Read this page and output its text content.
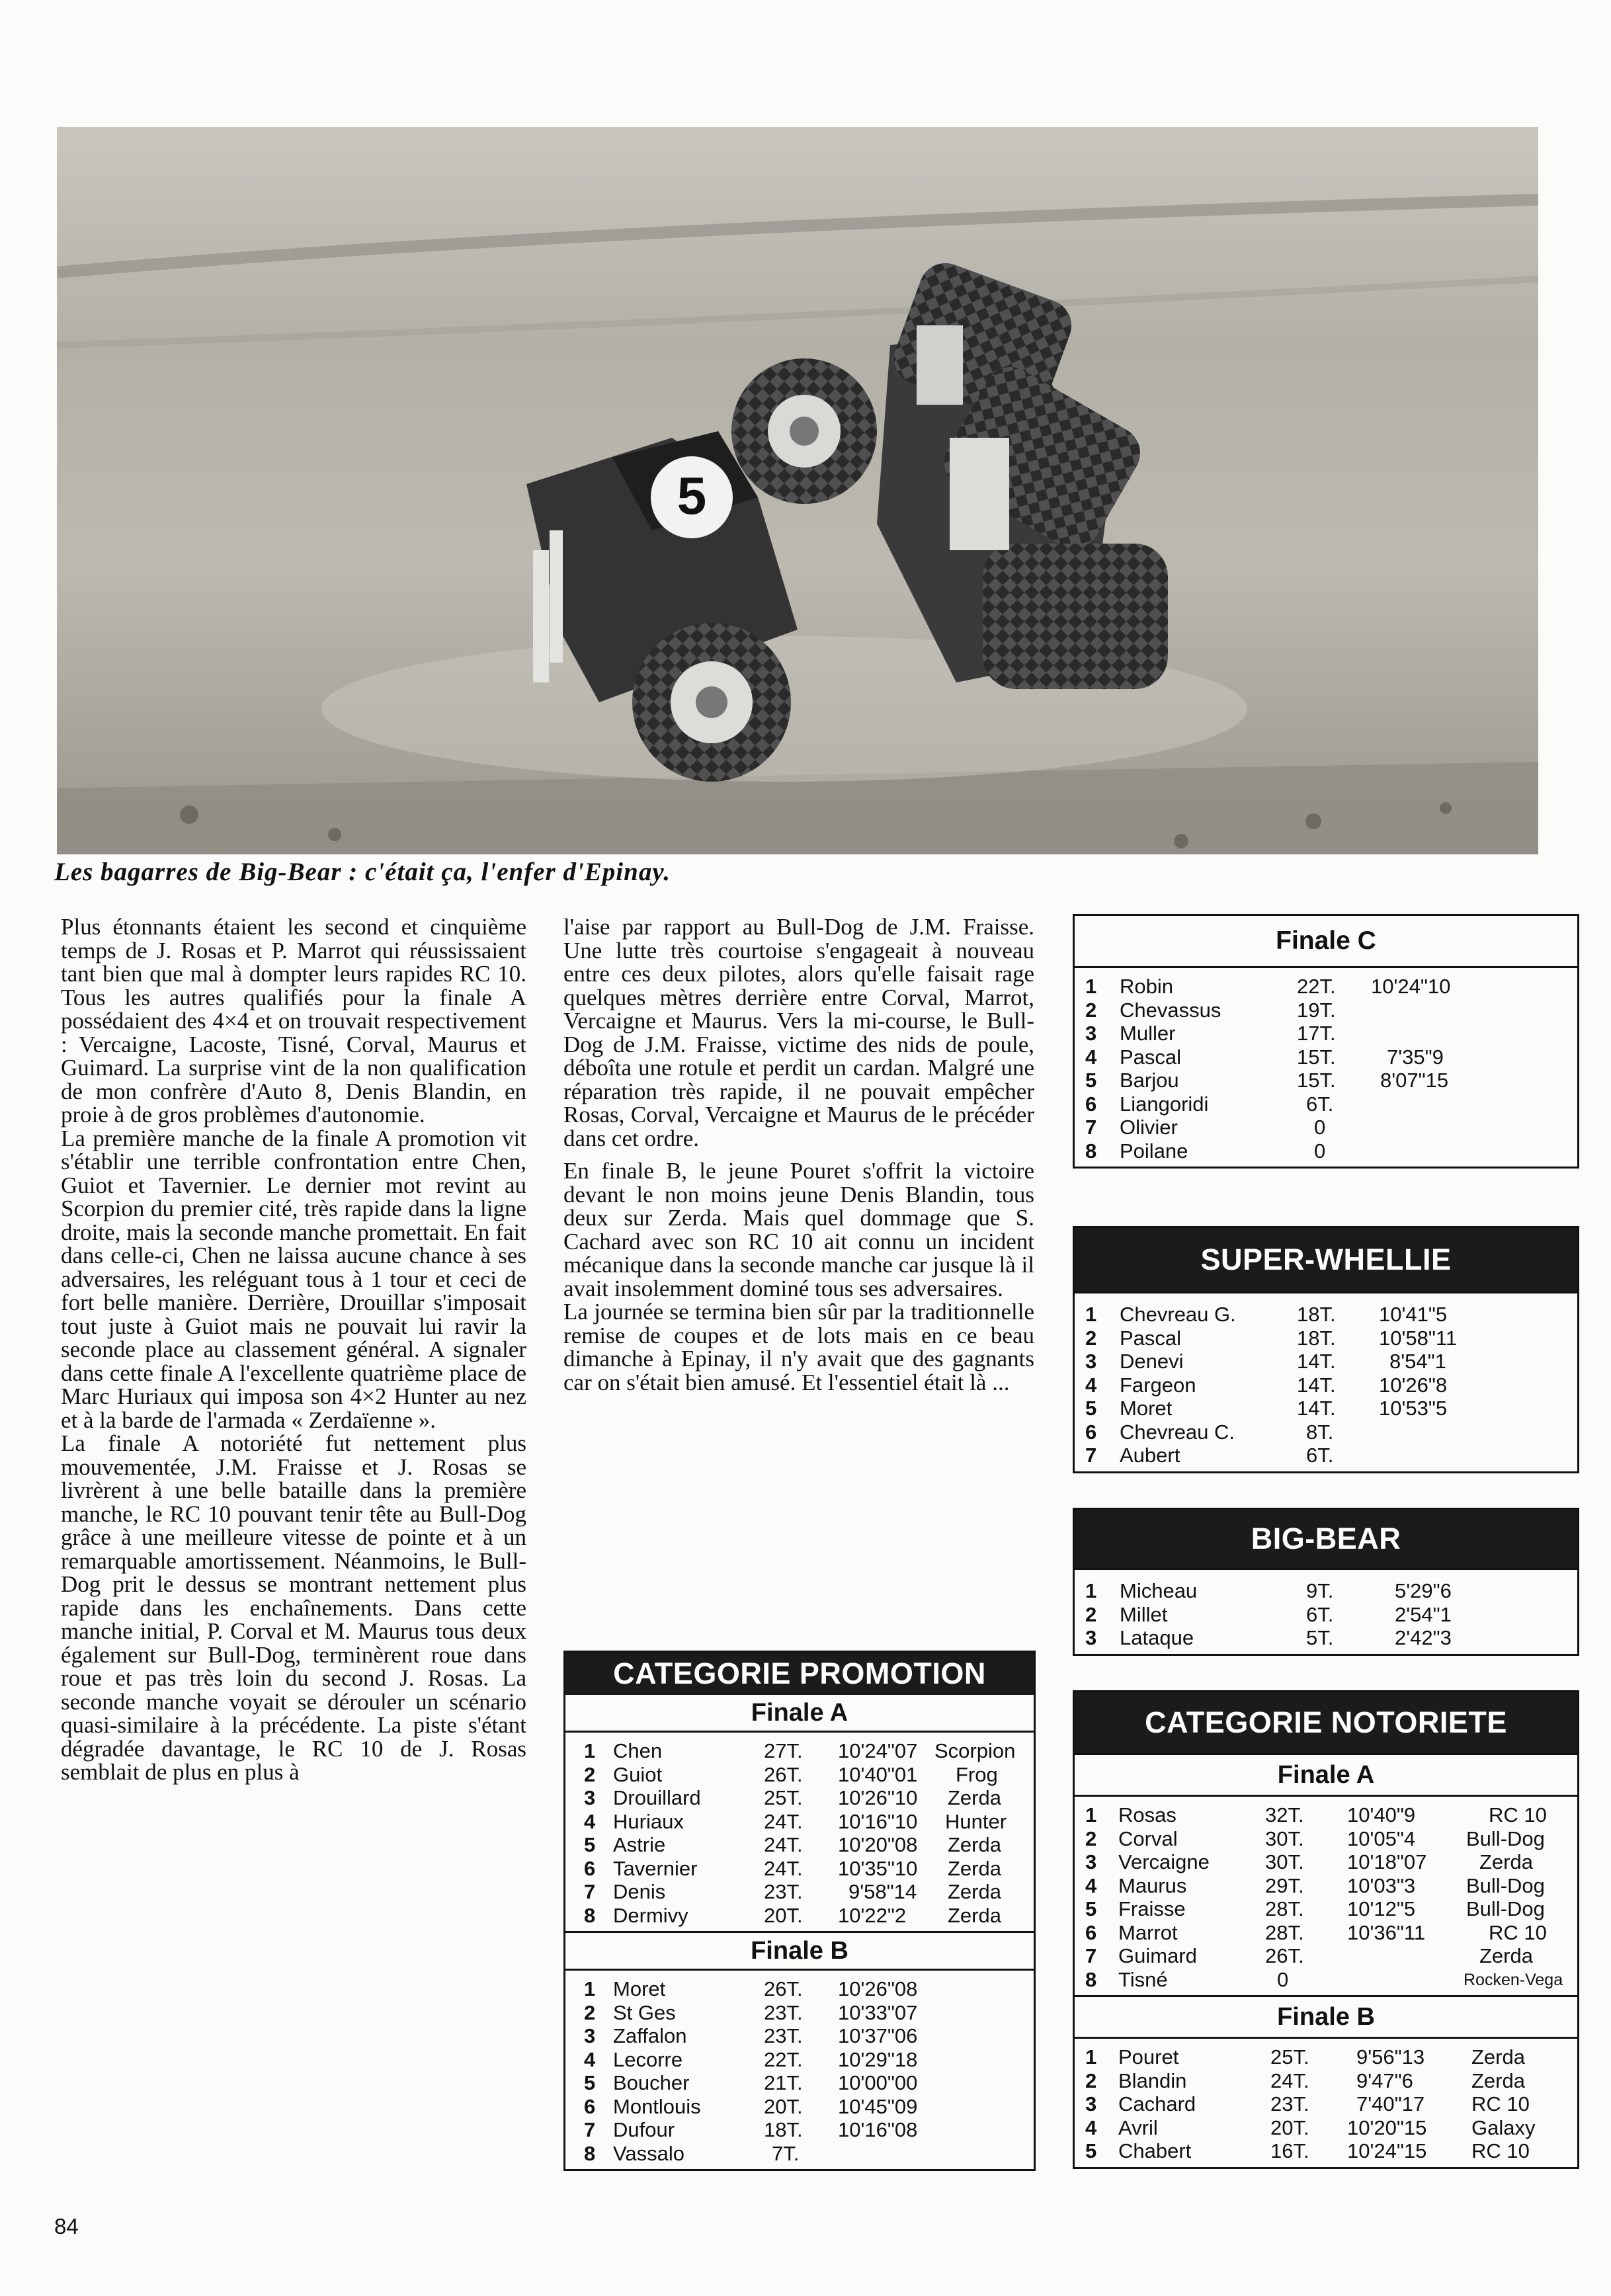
5
Les bagarres de Big-Bear : c'était ça, l'enfer d'Epinay.

Plus étonnants étaient les second et cinquième temps de J. Rosas et P. Marrot qui réussissaient tant bien que mal à dompter leurs rapides RC 10. Tous les autres qualifiés pour la finale A possédaient des 4×4 et on trouvait respectivement : Vercaigne, Lacoste, Tisné, Corval, Maurus et Guimard. La surprise vint de la non qualification de mon confrère d'Auto 8, Denis Blandin, en proie à de gros problèmes d'autonomie.

La première manche de la finale A promotion vit s'établir une terrible confrontation entre Chen, Guiot et Tavernier. Le dernier mot revint au Scorpion du premier cité, très rapide dans la ligne droite, mais la seconde manche promettait. En fait dans celle-ci, Chen ne laissa aucune chance à ses adversaires, les reléguant tous à 1 tour et ceci de fort belle manière. Derrière, Drouillar s'imposait tout juste à Guiot mais ne pouvait lui ravir la seconde place au classement général. A signaler dans cette finale A l'excellente quatrième place de Marc Huriaux qui imposa son 4×2 Hunter au nez et à la barde de l'armada « Zerdaïenne ».

La finale A notoriété fut nettement plus mouvementée, J.M. Fraisse et J. Rosas se livrèrent à une belle bataille dans la première manche, le RC 10 pouvant tenir tête au Bull-Dog grâce à une meilleure vitesse de pointe et à un remarquable amortissement. Néanmoins, le Bull-Dog prit le dessus se montrant nettement plus rapide dans les enchaînements. Dans cette manche initial, P. Corval et M. Maurus tous deux également sur Bull-Dog, terminèrent roue dans roue et pas très loin du second J. Rosas. La seconde manche voyait se dérouler un scénario quasi-similaire à la précédente. La piste s'étant dégradée davantage, le RC 10 de J. Rosas semblait de plus en plus à

l'aise par rapport au Bull-Dog de J.M. Fraisse. Une lutte très courtoise s'engageait à nouveau entre ces deux pilotes, alors qu'elle faisait rage quelques mètres derrière entre Corval, Marrot, Vercaigne et Maurus. Vers la mi-course, le Bull-Dog de J.M. Fraisse, victime des nids de poule, déboîta une rotule et perdit un cardan. Malgré une réparation très rapide, il ne pouvait empêcher Rosas, Corval, Vercaigne et Maurus de le précéder dans cet ordre.

En finale B, le jeune Pouret s'offrit la victoire devant le non moins jeune Denis Blandin, tous deux sur Zerda. Mais quel dommage que S. Cachard avec son RC 10 ait connu un incident mécanique dans la seconde manche car jusque là il avait insolemment dominé tous ses adversaires.

La journée se termina bien sûr par la traditionnelle remise de coupes et de lots mais en ce beau dimanche à Epinay, il n'y avait que des gagnants car on s'était bien amusé. Et l'essentiel était là ...

CATEGORIE PROMOTION
Finale A
1 Chen	27T. 10'24"07 Scorpion
2 Guiot	26T. 10'40"01 Frog
3 Drouillard	25T. 10'26"10 Zerda
4 Huriaux	24T. 10'16"10 Hunter
5 Astrie	24T. 10'20"08 Zerda
6 Tavernier	24T. 10'35"10 Zerda
7 Denis	23T. 9'58"14 Zerda
8 Dermivy	20T. 10'22"2 Zerda
Finale B
1 Moret	26T. 10'26"08
2 St Ges	23T. 10'33"07
3 Zaffalon	23T. 10'37"06
4 Lecorre	22T. 10'29"18
5 Boucher	21T. 10'00"00
6 Montlouis	20T. 10'45"09
7 Dufour	18T. 10'16"08
8 Vassalo	7T.
Finale C
1 Robin	22T. 10'24"10
2 Chevassus	19T.
3 Muller	17T.
4 Pascal	15T. 7'35"9
5 Barjou	15T. 8'07"15
6 Liangoridi	6T.
7 Olivier	0
8 Poilane	0
SUPER-WHELLIE
1 Chevreau G.	18T. 10'41"5
2 Pascal	18T. 10'58"11
3 Denevi	14T.	8'54"1
4 Fargeon	14T. 10'26"8
5 Moret	14T. 10'53"5
6 Chevreau C.	8T.
7 Aubert	6T.
BIG-BEAR
1 Micheau	9T.	5'29"6
2 Millet	6T.	2'54"1
3 Lataque	5T.	2'42"3
CATEGORIE NOTORIETE
Finale A
1 Rosas	32T. 10'40"9	RC 10
2 Corval	30T. 10'05"4 Bull-Dog
3 Vercaigne	30T. 10'18"07	Zerda
4 Maurus	29T. 10'03"3 Bull-Dog
5 Fraisse	28T. 10'12"5 Bull-Dog
6 Marrot	28T. 10'36"11	RC 10
7 Guimard	26T.	Zerda
8 Tisné	0	Rocken-Vega
Finale B
1 Pouret	25T. 9'56"13 Zerda
2 Blandin	24T. 9'47"6	Zerda
3 Cachard	23T. 7'40"17 RC 10
4 Avril	20T. 10'20"15 Galaxy
5 Chabert	16T. 10'24"15 RC 10
84
